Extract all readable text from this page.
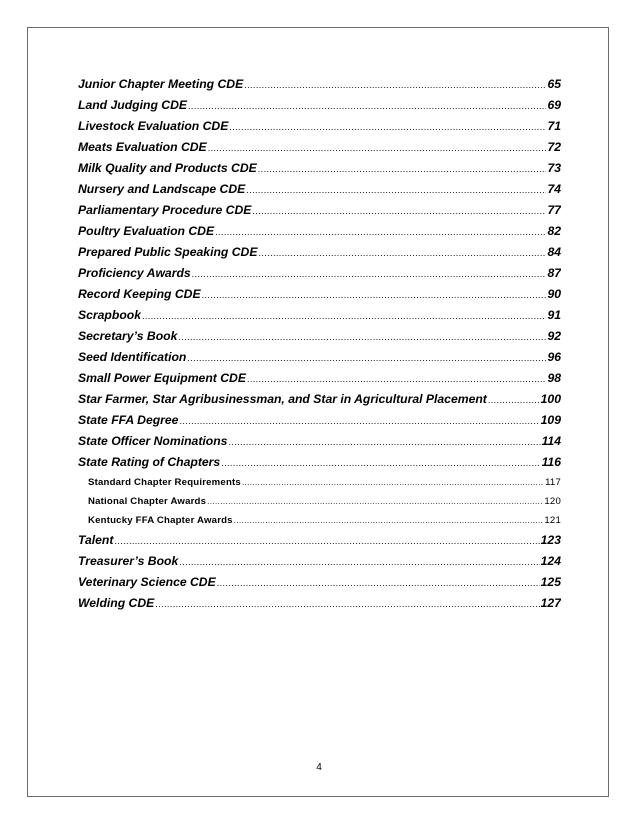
Junior Chapter Meeting CDE .....	65
Land Judging CDE .....	69
Livestock Evaluation CDE .....	71
Meats Evaluation CDE .....	72
Milk Quality and Products CDE .....	73
Nursery and Landscape CDE .....	74
Parliamentary Procedure CDE .....	77
Poultry Evaluation CDE .....	82
Prepared Public Speaking CDE .....	84
Proficiency Awards .....	87
Record Keeping CDE .....	90
Scrapbook .....	91
Secretary’s Book .....	92
Seed Identification .....	96
Small Power Equipment CDE .....	98
Star Farmer, Star Agribusinessman, and Star in Agricultural Placement .....	100
State FFA Degree .....	109
State Officer Nominations .....	114
State Rating of Chapters .....	116
Standard Chapter Requirements .....	117
National Chapter Awards .....	120
Kentucky FFA Chapter Awards .....	121
Talent .....	123
Treasurer’s Book .....	124
Veterinary Science CDE .....	125
Welding CDE .....	127
4
